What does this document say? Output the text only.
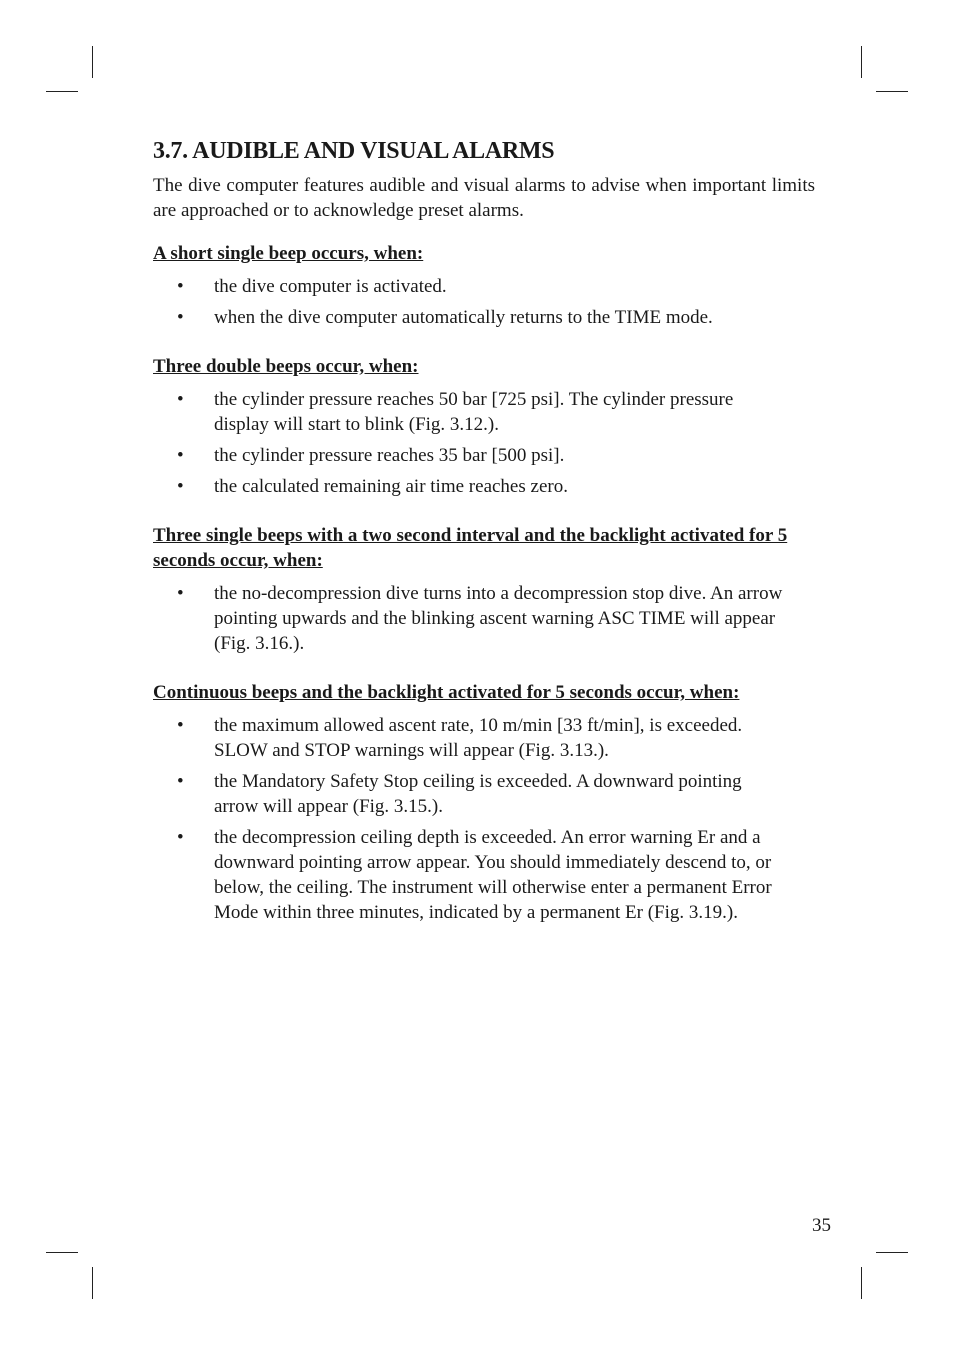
3.7. AUDIBLE AND VISUAL ALARMS

The dive computer features audible and visual alarms to advise when important limits are approached or to acknowledge preset alarms.

A short single beep occurs, when:

• the dive computer is activated.
• when the dive computer automatically returns to the TIME mode.

Three double beeps occur, when:

• the cylinder pressure reaches 50 bar [725 psi]. The cylinder pressure display will start to blink (Fig. 3.12.).
• the cylinder pressure reaches 35 bar [500 psi].
• the calculated remaining air time reaches zero.

Three single beeps with a two second interval and the backlight activated for 5 seconds occur, when:

• the no-decompression dive turns into a decompression stop dive. An arrow pointing upwards and the blinking ascent warning ASC TIME will appear (Fig. 3.16.).

Continuous beeps and the backlight activated for 5 seconds occur, when:

• the maximum allowed ascent rate, 10 m/min [33 ft/min], is exceeded. SLOW and STOP warnings will appear (Fig. 3.13.).
• the Mandatory Safety Stop ceiling is exceeded. A downward pointing arrow will appear (Fig. 3.15.).
• the decompression ceiling depth is exceeded. An error warning Er and a downward pointing arrow appear. You should immediately descend to, or below, the ceiling. The instrument will otherwise enter a permanent Error Mode within three minutes, indicated by a permanent Er (Fig. 3.19.).
35
